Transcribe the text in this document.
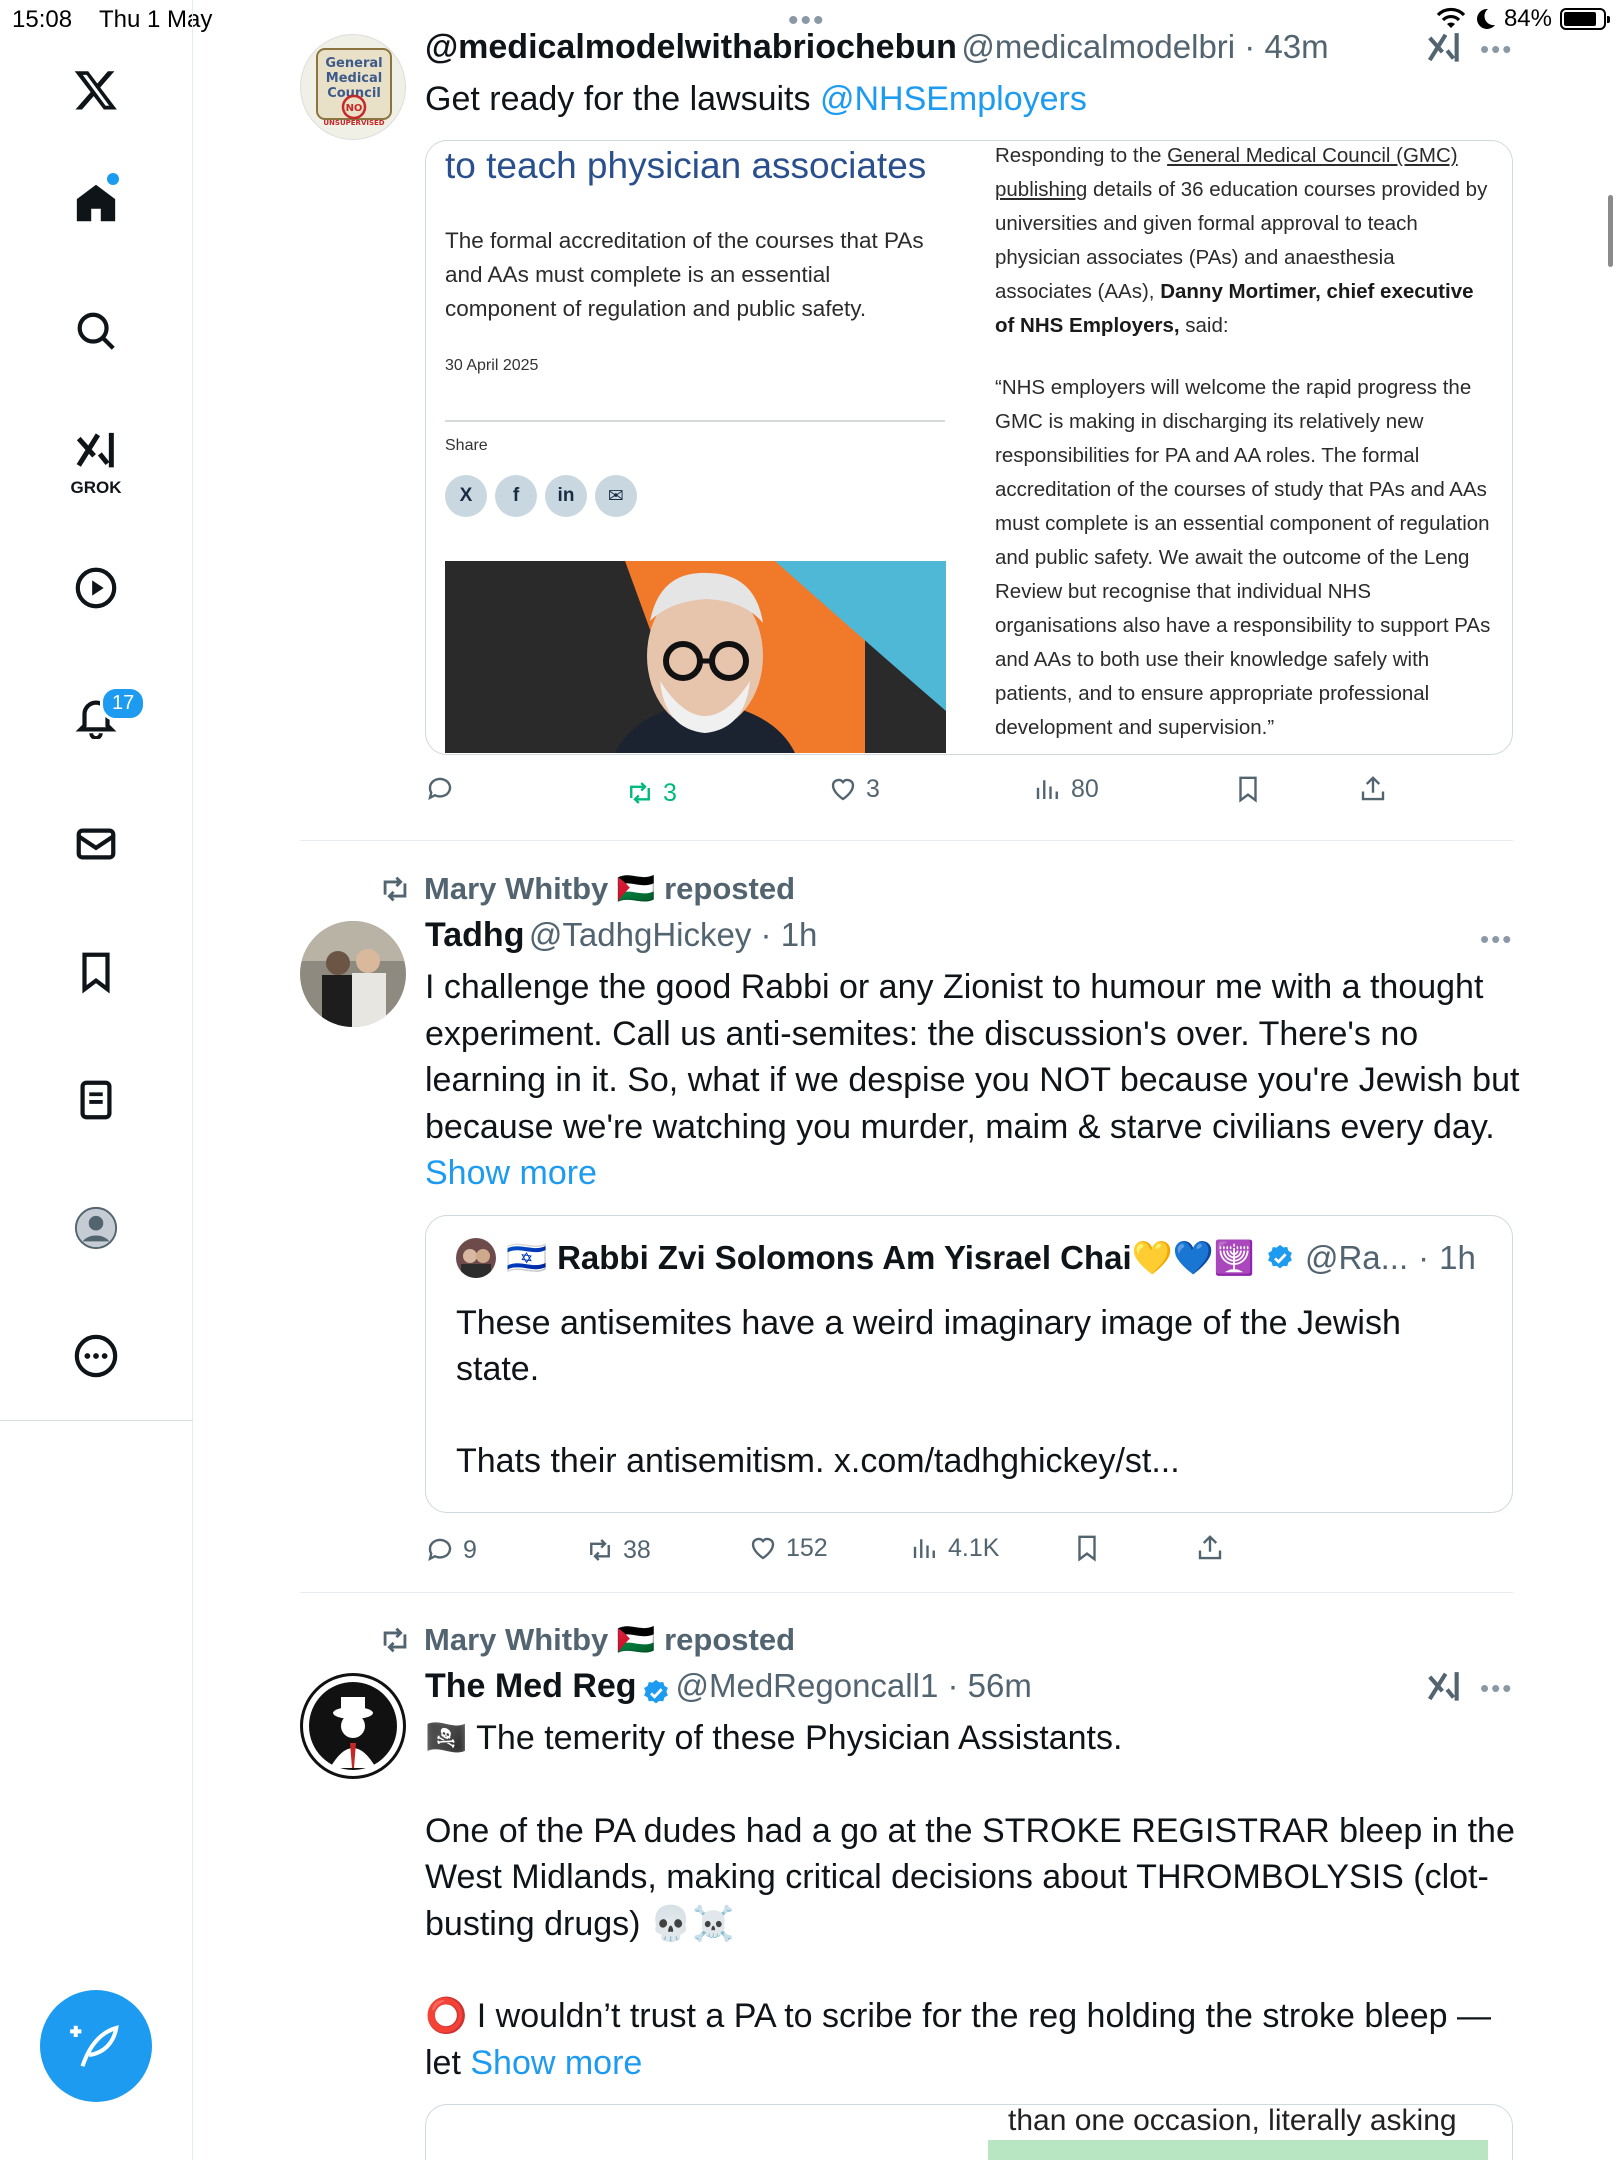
15:08 Thu 1 May	•••	84%
GROK
17
General
Medical
Council
NO
UNSUPERVISED
@medicalmodelwithabriochebun @medicalmodelbri · 43m	•••
Get ready for the lawsuits @NHSEmployers
to teach physician associates
The formal accreditation of the courses that PAs and AAs must complete is an essential component of regulation and public safety.
30 April 2025
Share
X	f	in	✉

Responding to the General Medical Council (GMC) publishing details of 36 education courses provided by universities and given formal approval to teach physician associates (PAs) and anaesthesia associates (AAs), Danny Mortimer, chief executive of NHS Employers, said:

“NHS employers will welcome the rapid progress the GMC is making in discharging its relatively new responsibilities for PA and AA roles. The formal accreditation of the courses of study that PAs and AAs must complete is an essential component of regulation and public safety. We await the outcome of the Leng Review but recognise that individual NHS organisations also have a responsibility to support PAs and AAs to both use their knowledge safely with patients, and to ensure appropriate professional development and supervision.”

3	3	80
Mary Whitby 🇵🇸 reposted
Tadhg @TadhgHickey · 1h	•••
I challenge the good Rabbi or any Zionist to humour me with a thought experiment. Call us anti-semites: the discussion's over. There's no learning in it. So, what if we despise you NOT because you're Jewish but because we're watching you murder, maim & starve civilians every day. Show more
🇮🇱 Rabbi Zvi Solomons Am Yisrael Chai💛💙🕎 @Ra... · 1h
These antisemites have a weird imaginary image of the Jewish state.
Thats their antisemitism. x.com/tadhghickey/st...
9	38	152	4.1K
Mary Whitby 🇵🇸 reposted
The Med Reg @MedRegoncall1 · 56m	•••
🏴‍☠️ The temerity of these Physician Assistants.
One of the PA dudes had a go at the STROKE REGISTRAR bleep in the West Midlands, making critical decisions about THROMBOLYSIS (clot-busting drugs) 💀☠️
⭕ I wouldn’t trust a PA to scribe for the reg holding the stroke bleep — let Show more
than one occasion, literally asking
